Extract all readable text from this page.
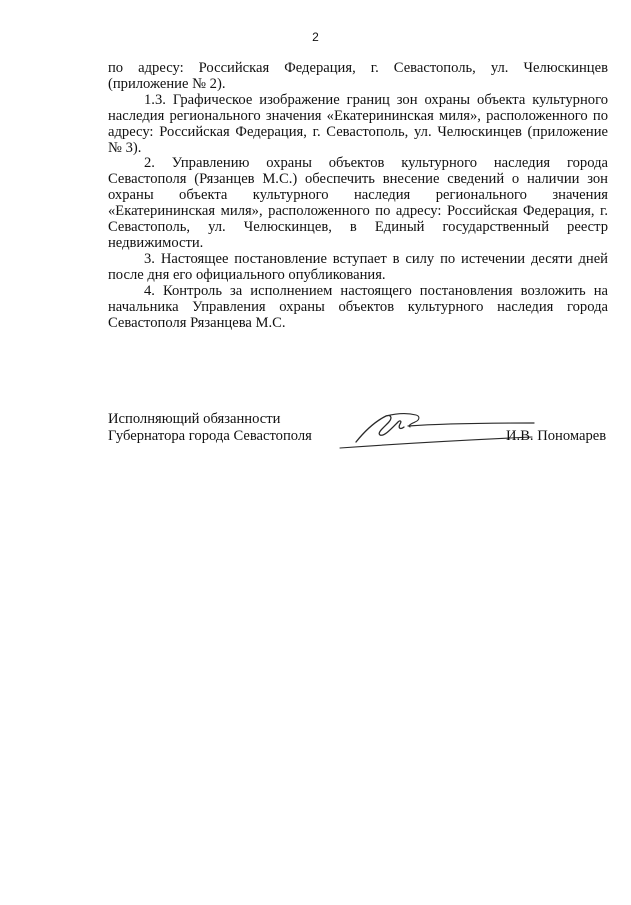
2

по адресу: Российская Федерация, г. Севастополь, ул. Челюскинцев (приложение № 2).

1.3. Графическое изображение границ зон охраны объекта культурного наследия регионального значения «Екатерининская миля», расположенного по адресу: Российская Федерация, г. Севастополь, ул. Челюскинцев (приложение № 3).

2. Управлению охраны объектов культурного наследия города Севастополя (Рязанцев М.С.) обеспечить внесение сведений о наличии зон охраны объекта культурного наследия регионального значения «Екатерининская миля», расположенного по адресу: Российская Федерация, г. Севастополь, ул. Челюскинцев, в Единый государственный реестр недвижимости.

3. Настоящее постановление вступает в силу по истечении десяти дней после дня его официального опубликования.

4. Контроль за исполнением настоящего постановления возложить на начальника Управления охраны объектов культурного наследия города Севастополя Рязанцева М.С.

Исполняющий обязанности
Губернатора города Севастополя	И.В. Пономарев
